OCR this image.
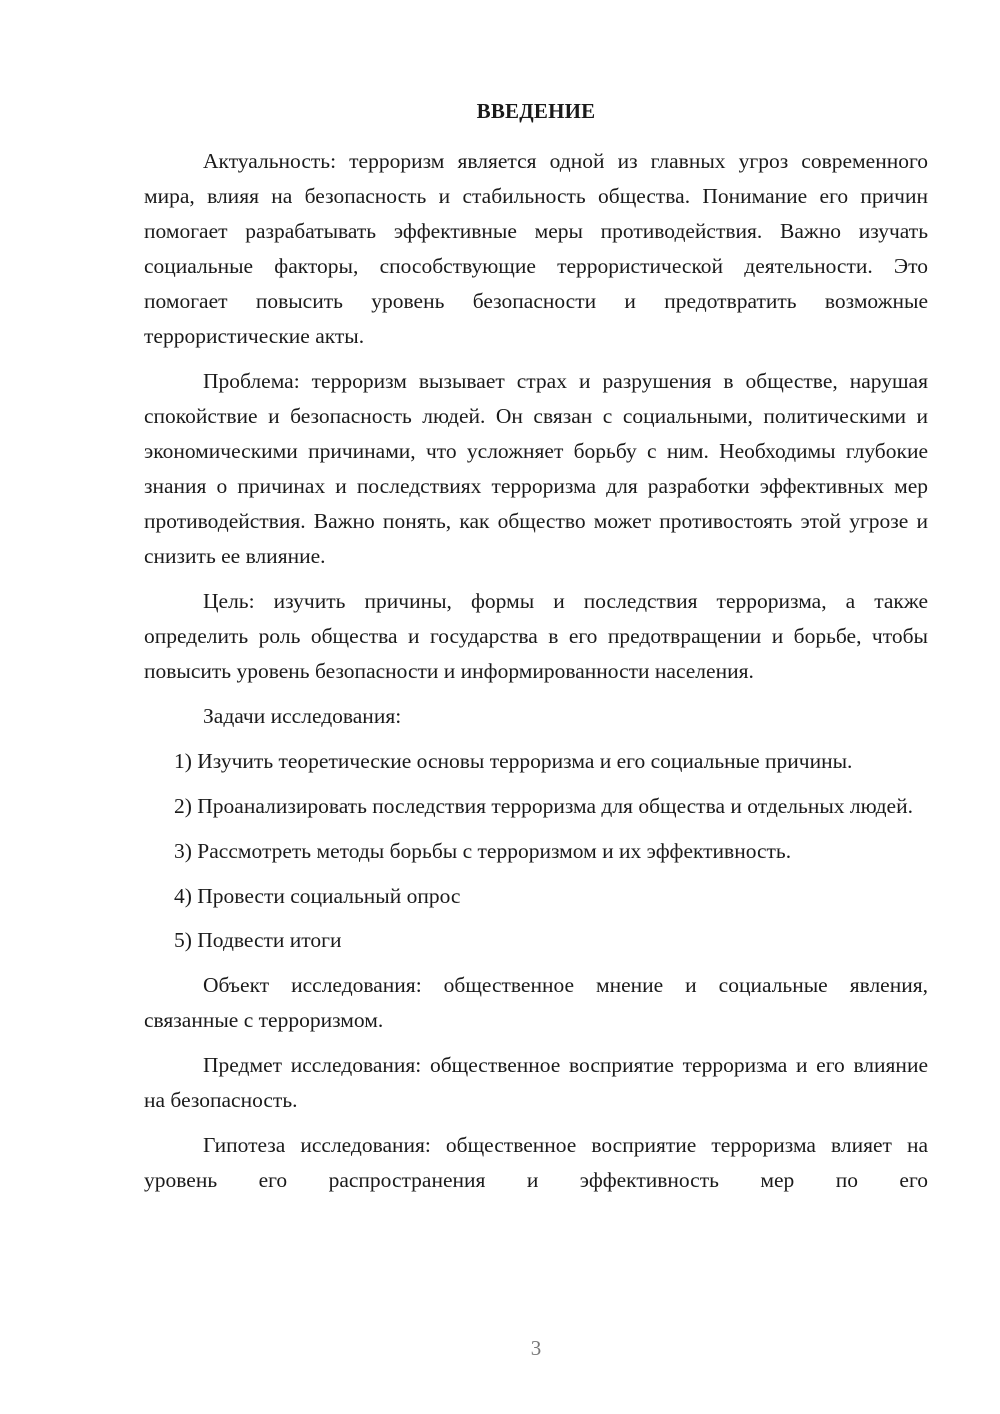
ВВЕДЕНИЕ

Актуальность: терроризм является одной из главных угроз современного мира, влияя на безопасность и стабильность общества. Понимание его причин помогает разрабатывать эффективные меры противодействия. Важно изучать социальные факторы, способствующие террористической деятельности. Это помогает повысить уровень безопасности и предотвратить возможные террористические акты.

Проблема: терроризм вызывает страх и разрушения в обществе, нарушая спокойствие и безопасность людей. Он связан с социальными, политическими и экономическими причинами, что усложняет борьбу с ним. Необходимы глубокие знания о причинах и последствиях терроризма для разработки эффективных мер противодействия. Важно понять, как общество может противостоять этой угрозе и снизить ее влияние.

Цель: изучить причины, формы и последствия терроризма, а также определить роль общества и государства в его предотвращении и борьбе, чтобы повысить уровень безопасности и информированности населения.

Задачи исследования:

1) Изучить теоретические основы терроризма и его социальные причины.

2) Проанализировать последствия терроризма для общества и отдельных людей.

3) Рассмотреть методы борьбы с терроризмом и их эффективность.

4) Провести социальный опрос

5) Подвести итоги

Объект исследования: общественное мнение и социальные явления, связанные с терроризмом.

Предмет исследования: общественное восприятие терроризма и его влияние на безопасность.

Гипотеза исследования: общественное восприятие терроризма влияет на уровень его распространения и эффективность мер по его

3
